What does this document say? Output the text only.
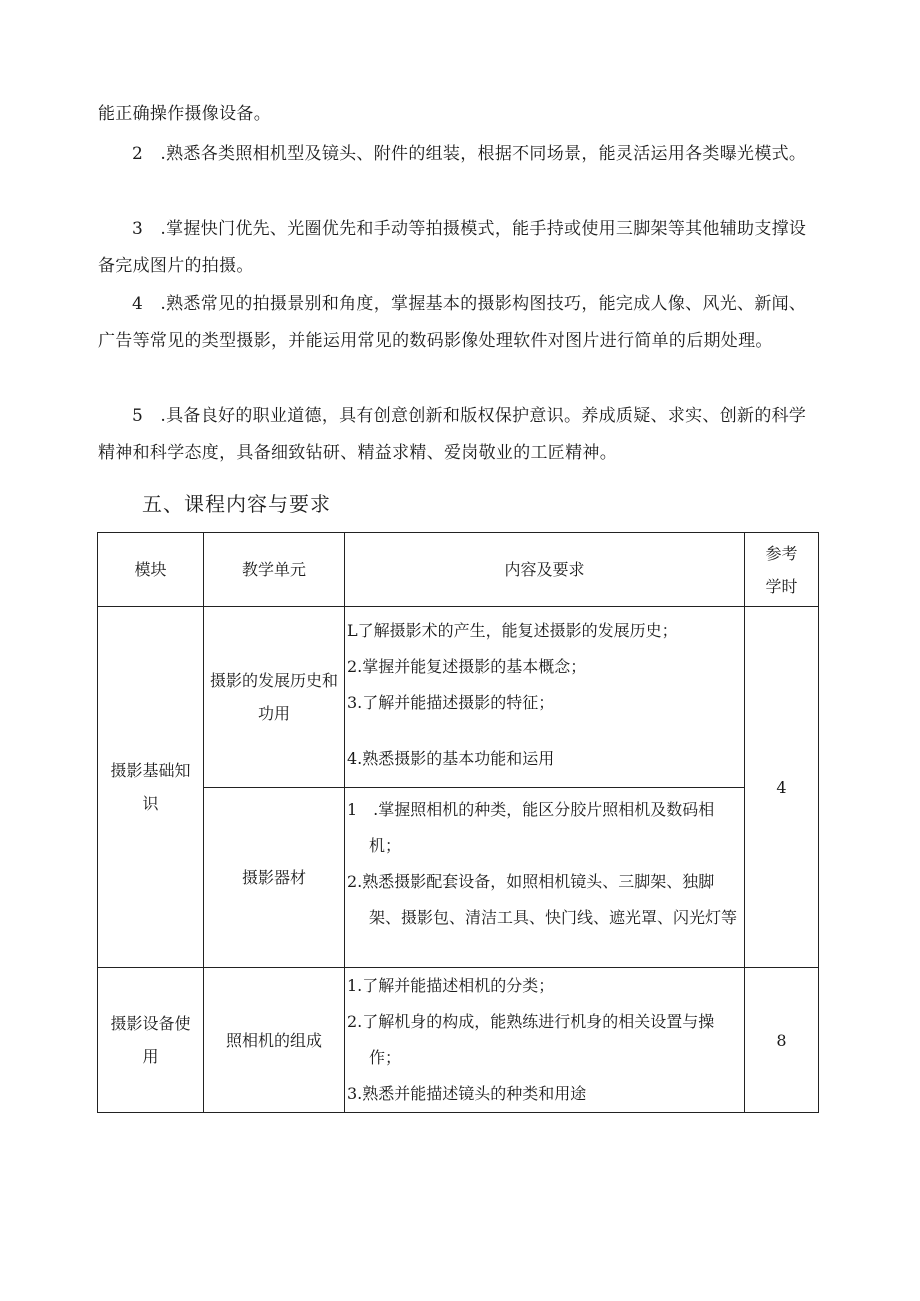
能正确操作摄像设备。

2　.熟悉各类照相机型及镜头、附件的组装，根据不同场景，能灵活运用各类曝光模式。

3　.掌握快门优先、光圈优先和手动等拍摄模式，能手持或使用三脚架等其他辅助支撑设备完成图片的拍摄。

4　.熟悉常见的拍摄景别和角度，掌握基本的摄影构图技巧，能完成人像、风光、新闻、广告等常见的类型摄影，并能运用常见的数码影像处理软件对图片进行简单的后期处理。

5　.具备良好的职业道德，具有创意创新和版权保护意识。养成质疑、求实、创新的科学精神和科学态度，具备细致钻研、精益求精、爱岗敬业的工匠精神。

五、课程内容与要求
模块	教学单元	内容及要求	参考学时
摄影基础知识	摄影的发展历史和功用	L了解摄影术的产生，能复述摄影的发展历史；
2.掌握并能复述摄影的基本概念；
3.了解并能描述摄影的特征；
4.熟悉摄影的基本功能和运用	4
	摄影器材	1　.掌握照相机的种类，能区分胶片照相机及数码相机；
2.熟悉摄影配套设备，如照相机镜头、三脚架、独脚架、摄影包、清洁工具、快门线、遮光罩、闪光灯等	

摄影设备使用	照相机的组成	1.了解并能描述相机的分类；
2.了解机身的构成，能熟练进行机身的相关设置与操作；
3.熟悉并能描述镜头的种类和用途	8
